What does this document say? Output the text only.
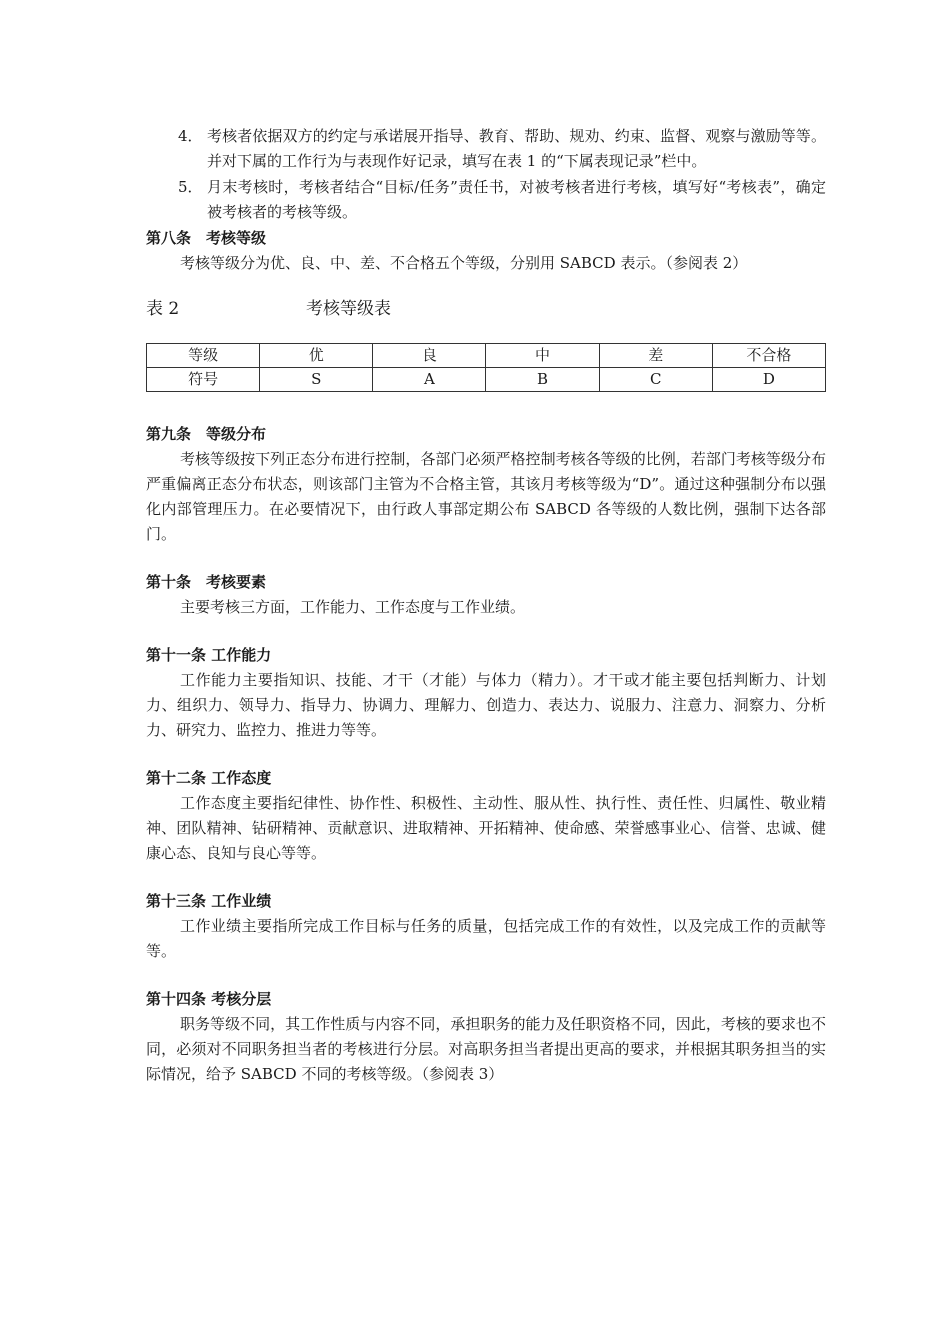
4． 考核者依据双方的约定与承诺展开指导、教育、帮助、规劝、约束、监督、观察与激励等等。并对下属的工作行为与表现作好记录，填写在表 1 的“下属表现记录”栏中。
5． 月末考核时，考核者结合“目标/任务”责任书，对被考核者进行考核，填写好“考核表”，确定被考核者的考核等级。
第八条　考核等级
考核等级分为优、良、中、差、不合格五个等级，分别用 SABCD 表示。（参阅表 2）
表 2	考核等级表
等级	优	良	中	差	不合格
符号	S	A	B	C	D
第九条　等级分布
考核等级按下列正态分布进行控制，各部门必须严格控制考核各等级的比例，若部门考核等级分布严重偏离正态分布状态，则该部门主管为不合格主管，其该月考核等级为“D”。通过这种强制分布以强化内部管理压力。在必要情况下，由行政人事部定期公布 SABCD 各等级的人数比例，强制下达各部门。
第十条　考核要素
主要考核三方面，工作能力、工作态度与工作业绩。
第十一条 工作能力
工作能力主要指知识、技能、才干（才能）与体力（精力）。才干或才能主要包括判断力、计划力、组织力、领导力、指导力、协调力、理解力、创造力、表达力、说服力、注意力、洞察力、分析力、研究力、监控力、推进力等等。
第十二条 工作态度
工作态度主要指纪律性、协作性、积极性、主动性、服从性、执行性、责任性、归属性、敬业精神、团队精神、钻研精神、贡献意识、进取精神、开拓精神、使命感、荣誉感事业心、信誉、忠诚、健康心态、良知与良心等等。
第十三条 工作业绩
工作业绩主要指所完成工作目标与任务的质量，包括完成工作的有效性，以及完成工作的贡献等等。
第十四条 考核分层
职务等级不同，其工作性质与内容不同，承担职务的能力及任职资格不同，因此，考核的要求也不同，必须对不同职务担当者的考核进行分层。对高职务担当者提出更高的要求，并根据其职务担当的实际情况，给予 SABCD 不同的考核等级。（参阅表 3）
